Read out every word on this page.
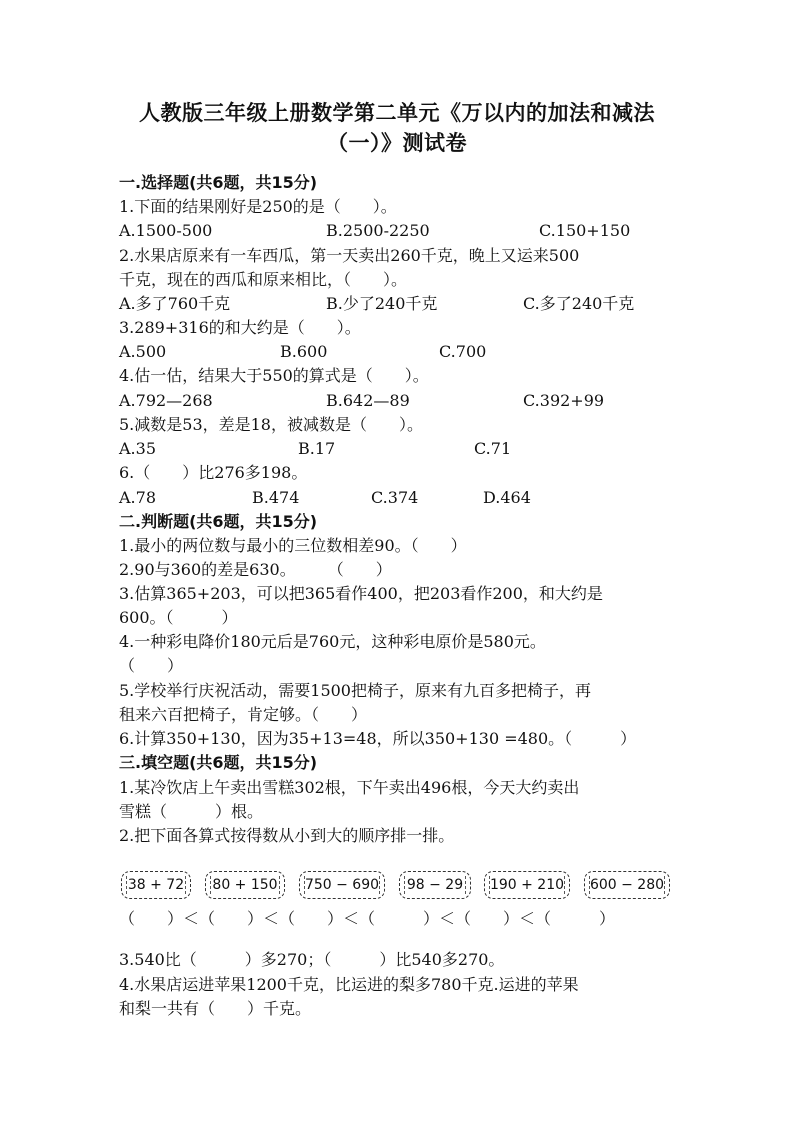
人教版三年级上册数学第二单元《万以内的加法和减法
（一）》测试卷
一.选择题(共6题，共15分)
1.下面的结果刚好是250的是（　　）。
A.1500-500	B.2500-2250	C.150+150
2.水果店原来有一车西瓜，第一天卖出260千克，晚上又运来500
千克，现在的西瓜和原来相比，（　　）。
A.多了760千克	B.少了240千克	C.多了240千克
3.289+316的和大约是（　　）。
A.500	B.600	C.700
4.估一估，结果大于550的算式是（　　）。
A.792—268	B.642—89	C.392+99
5.减数是53，差是18，被减数是（　　）。
A.35	B.17	C.71
6.（　　）比276多198。
A.78	B.474	C.374	D.464
二.判断题(共6题，共15分)
1.最小的两位数与最小的三位数相差90。（　　）
2.90与360的差是630。　　　（　　）
3.估算365+203，可以把365看作400，把203看作200，和大约是
600。（　　　）
4.一种彩电降价180元后是760元，这种彩电原价是580元。
（　　）
5.学校举行庆祝活动，需要1500把椅子，原来有九百多把椅子，再
租来六百把椅子，肯定够。（　　）
6.计算350+130，因为35+13=48，所以350+130 =480。（　　　）
三.填空题(共6题，共15分)
1.某冷饮店上午卖出雪糕302根，下午卖出496根，今天大约卖出
雪糕（　　　）根。
2.把下面各算式按得数从小到大的顺序排一排。
38 + 72	80 + 150	750 − 690	98 − 29	190 + 210	600 − 280
（　　）＜（　　）＜（　　）＜（　　　）＜（　　）＜（　　　）
3.540比（　　　）多270；（　　　）比540多270。
4.水果店运进苹果1200千克，比运进的梨多780千克.运进的苹果
和梨一共有（　　）千克。
